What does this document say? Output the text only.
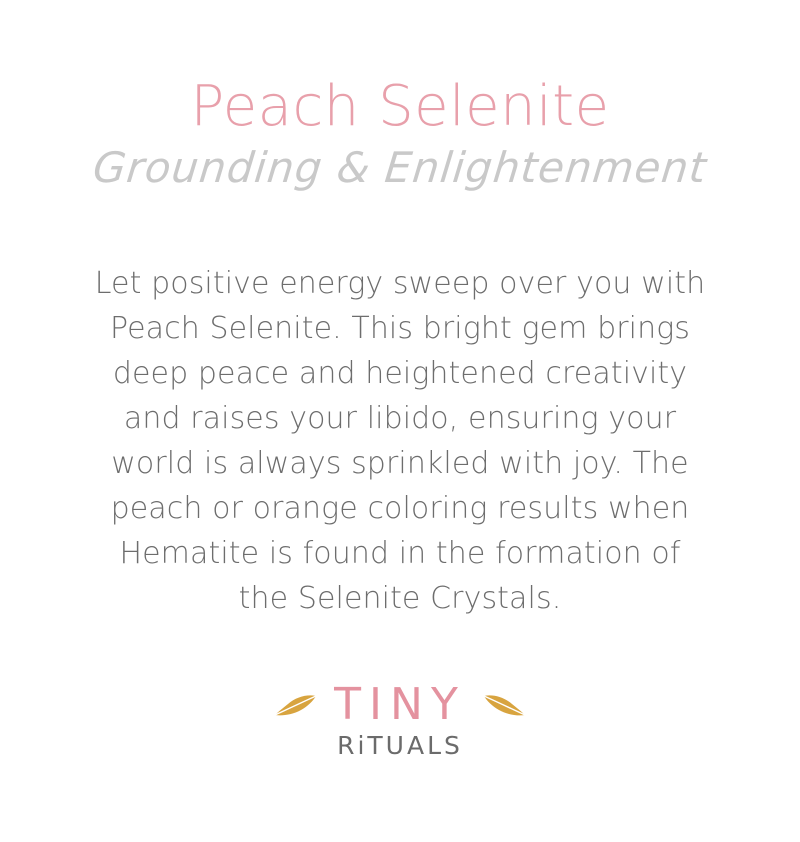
Peach Selenite
Grounding & Enlightenment
Let positive energy sweep over you with Peach Selenite. This bright gem brings deep peace and heightened creativity and raises your libido, ensuring your world is always sprinkled with joy. The peach or orange coloring results when Hematite is found in the formation of the Selenite Crystals.
TINY
RiTUALS
